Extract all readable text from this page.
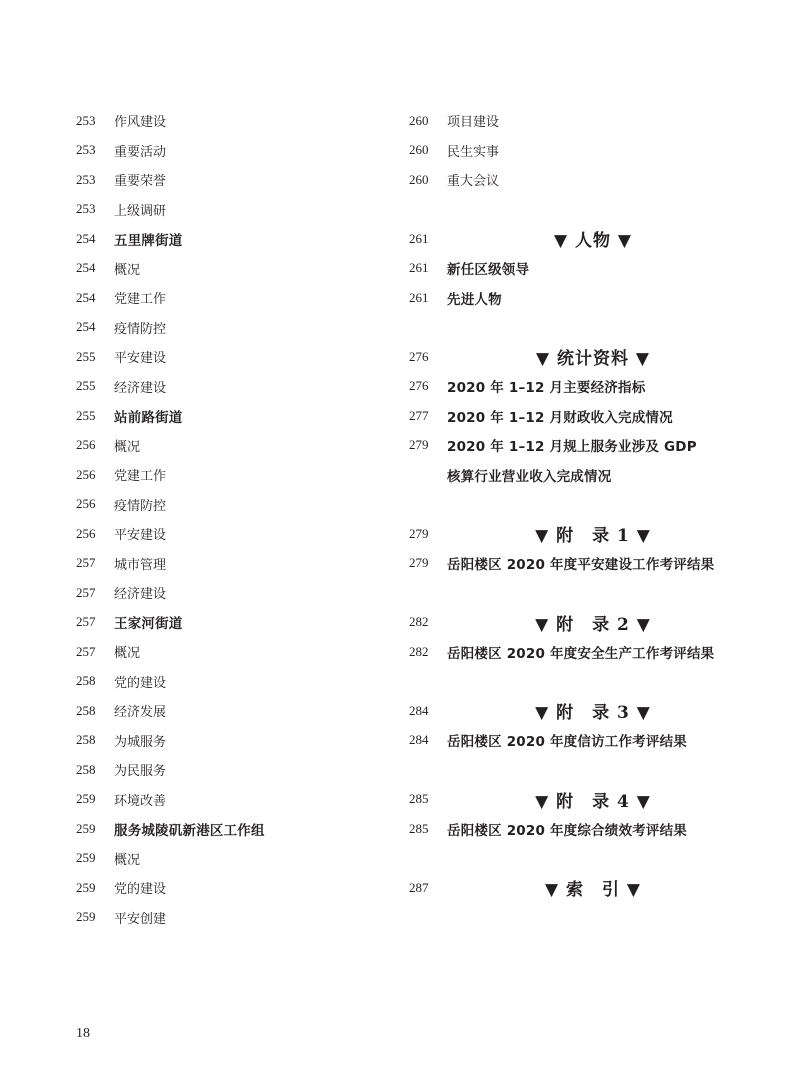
253	作风建设
253	重要活动
253	重要荣誉
253	上级调研
254	五里牌街道
254	概况
254	党建工作
254	疫情防控
255	平安建设
255	经济建设
255	站前路街道
256	概况
256	党建工作
256	疫情防控
256	平安建设
257	城市管理
257	经济建设
257	王家河街道
257	概况
258	党的建设
258	经济发展
258	为城服务
258	为民服务
259	环境改善
259	服务城陵矶新港区工作组
259	概况
259	党的建设
259	平安创建
260	项目建设
260	民生实事
260	重大会议
261	▼ 人物 ▼
261	新任区级领导
261	先进人物
276	▼ 统计资料 ▼
276	2020 年 1–12 月主要经济指标
277	2020 年 1–12 月财政收入完成情况
279	2020 年 1–12 月规上服务业涉及 GDP
核算行业营业收入完成情况
279	▼ 附　录 1 ▼
279	岳阳楼区 2020 年度平安建设工作考评结果
282	▼ 附　录 2 ▼
282	岳阳楼区 2020 年度安全生产工作考评结果
284	▼ 附　录 3 ▼
284	岳阳楼区 2020 年度信访工作考评结果
285	▼ 附　录 4 ▼
285	岳阳楼区 2020 年度综合绩效考评结果
287	▼ 索　引 ▼
18
